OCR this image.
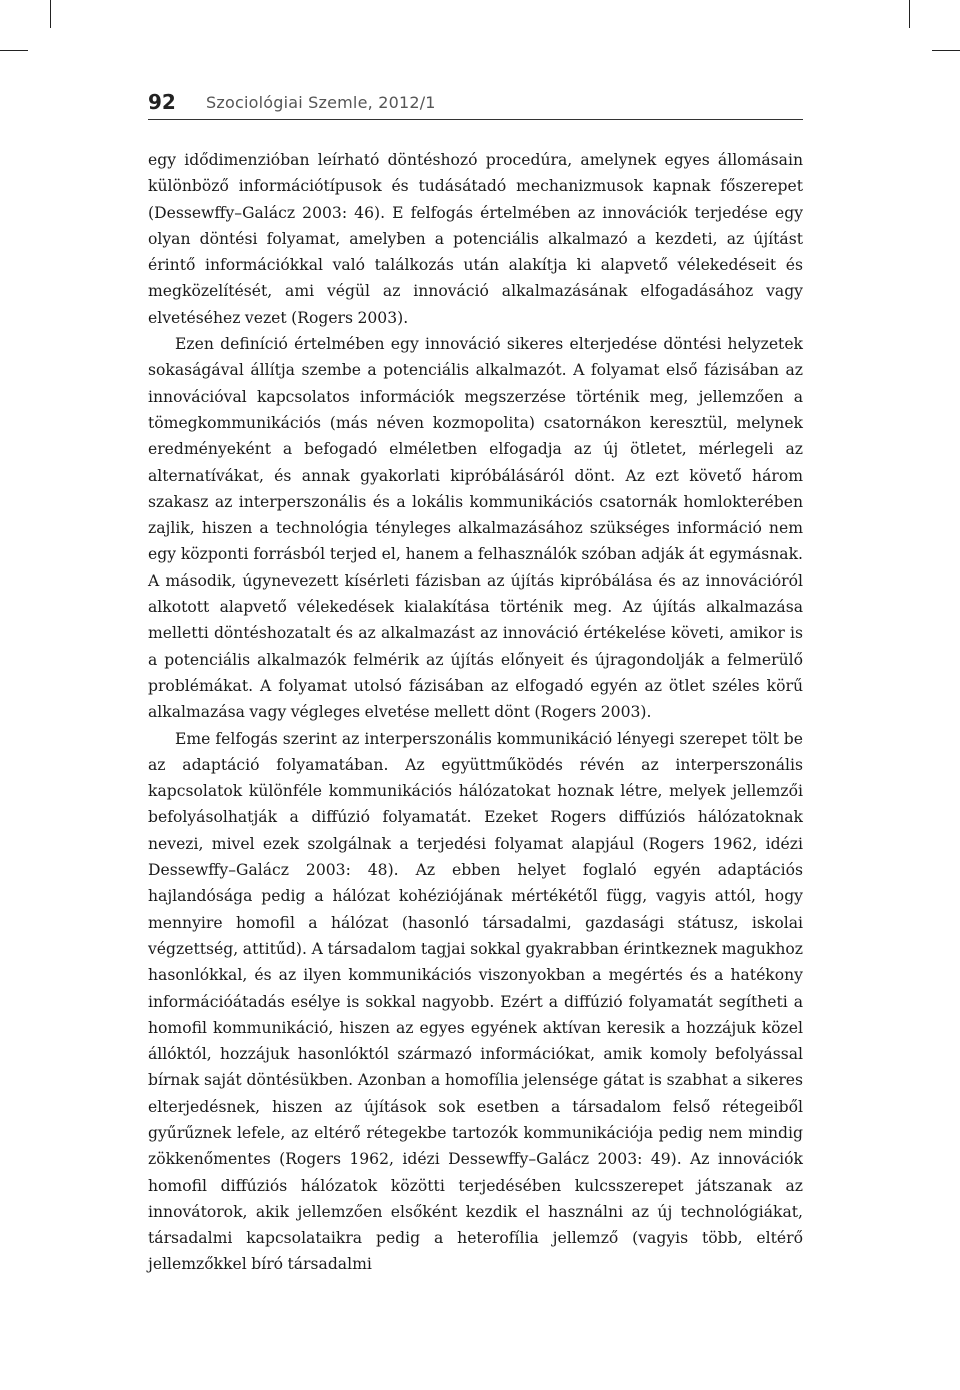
92 Szociológiai Szemle, 2012/1

egy idődimenzióban leírható döntéshozó procedúra, amelynek egyes állomásain különböző információtípusok és tudásátadó mechanizmusok kapnak főszerepet (Dessewffy–Galácz 2003: 46). E felfogás értelmében az innovációk terjedése egy olyan döntési folyamat, amelyben a potenciális alkalmazó a kezdeti, az újítást érintő információkkal való találkozás után alakítja ki alapvető vélekedéseit és megközelítését, ami végül az innováció alkalmazásának elfogadásához vagy elvetéséhez vezet (Rogers 2003).

Ezen definíció értelmében egy innováció sikeres elterjedése döntési helyzetek sokaságával állítja szembe a potenciális alkalmazót. A folyamat első fázisában az innovációval kapcsolatos információk megszerzése történik meg, jellemzően a tömegkommunikációs (más néven kozmopolita) csatornákon keresztül, melynek eredményeként a befogadó elméletben elfogadja az új ötletet, mérlegeli az alternatívákat, és annak gyakorlati kipróbálásáról dönt. Az ezt követő három szakasz az interperszonális és a lokális kommunikációs csatornák homlokterében zajlik, hiszen a technológia tényleges alkalmazásához szükséges információ nem egy központi forrásból terjed el, hanem a felhasználók szóban adják át egymásnak. A második, úgynevezett kísérleti fázisban az újítás kipróbálása és az innovációról alkotott alapvető vélekedések kialakítása történik meg. Az újítás alkalmazása melletti döntéshozatalt és az alkalmazást az innováció értékelése követi, amikor is a potenciális alkalmazók felmérik az újítás előnyeit és újragondolják a felmerülő problémákat. A folyamat utolsó fázisában az elfogadó egyén az ötlet széles körű alkalmazása vagy végleges elvetése mellett dönt (Rogers 2003).

Eme felfogás szerint az interperszonális kommunikáció lényegi szerepet tölt be az adaptáció folyamatában. Az együttműködés révén az interperszonális kapcsolatok különféle kommunikációs hálózatokat hoznak létre, melyek jellemzői befolyásolhatják a diffúzió folyamatát. Ezeket Rogers diffúziós hálózatoknak nevezi, mivel ezek szolgálnak a terjedési folyamat alapjául (Rogers 1962, idézi Dessewffy–Galácz 2003: 48). Az ebben helyet foglaló egyén adaptációs hajlandósága pedig a hálózat kohéziójának mértékétől függ, vagyis attól, hogy mennyire homofil a hálózat (hasonló társadalmi, gazdasági státusz, iskolai végzettség, attitűd). A társadalom tagjai sokkal gyakrabban érintkeznek magukhoz hasonlókkal, és az ilyen kommunikációs viszonyokban a megértés és a hatékony információátadás esélye is sokkal nagyobb. Ezért a diffúzió folyamatát segítheti a homofil kommunikáció, hiszen az egyes egyének aktívan keresik a hozzájuk közel állóktól, hozzájuk hasonlóktól származó információkat, amik komoly befolyással bírnak saját döntésükben. Azonban a homofília jelensége gátat is szabhat a sikeres elterjedésnek, hiszen az újítások sok esetben a társadalom felső rétegeiből gyűrűznek lefele, az eltérő rétegekbe tartozók kommunikációja pedig nem mindig zökkenőmentes (Rogers 1962, idézi Dessewffy–Galácz 2003: 49). Az innovációk homofil diffúziós hálózatok közötti terjedésében kulcsszerepet játszanak az innovátorok, akik jellemzően elsőként kezdik el használni az új technológiákat, társadalmi kapcsolataikra pedig a heterofília jellemző (vagyis több, eltérő jellemzőkkel bíró társadalmi
